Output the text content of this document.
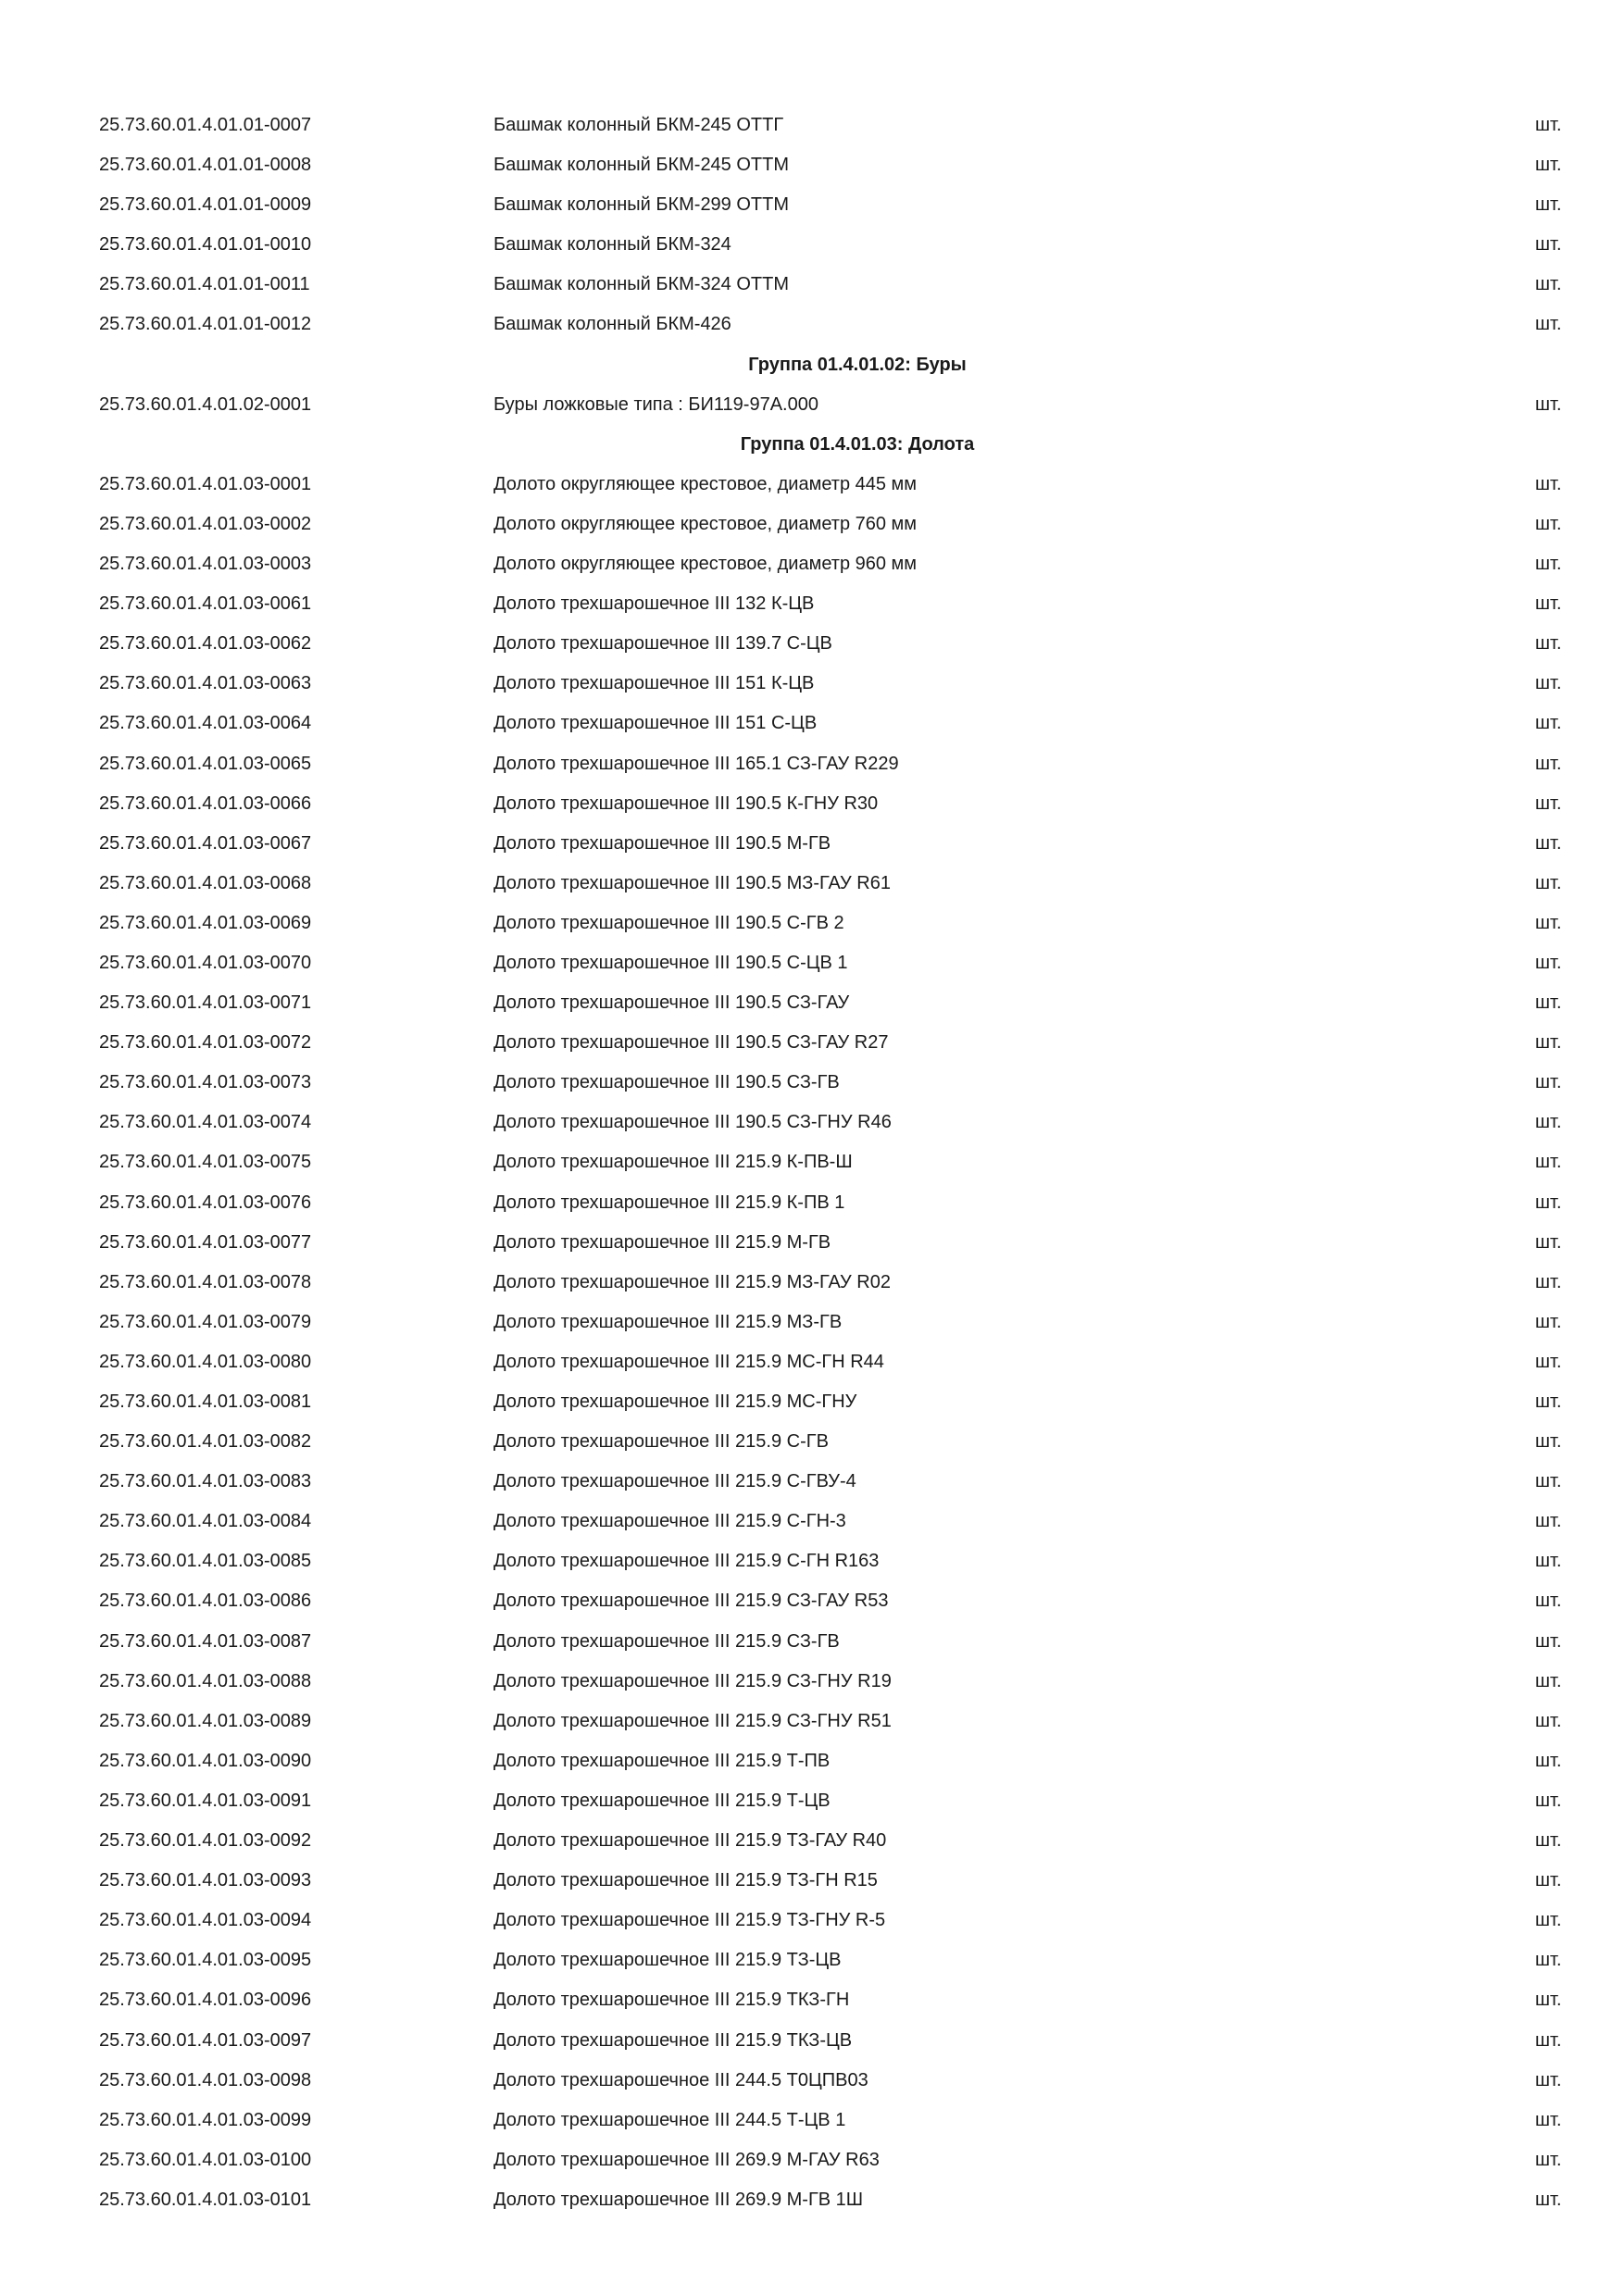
25.73.60.01.4.01.01-0007	Башмак колонный БКМ-245 ОТТГ	шт.
25.73.60.01.4.01.01-0008	Башмак колонный БКМ-245 ОТТМ	шт.
25.73.60.01.4.01.01-0009	Башмак колонный БКМ-299 ОТТМ	шт.
25.73.60.01.4.01.01-0010	Башмак колонный БКМ-324	шт.
25.73.60.01.4.01.01-0011	Башмак колонный БКМ-324 ОТТМ	шт.
25.73.60.01.4.01.01-0012	Башмак колонный БКМ-426	шт.
Группа 01.4.01.02: Буры
25.73.60.01.4.01.02-0001	Буры ложковые типа : БИ119-97А.000	шт.
Группа 01.4.01.03: Долота
25.73.60.01.4.01.03-0001	Долото округляющее крестовое, диаметр 445 мм	шт.
25.73.60.01.4.01.03-0002	Долото округляющее крестовое, диаметр 760 мм	шт.
25.73.60.01.4.01.03-0003	Долото округляющее крестовое, диаметр 960 мм	шт.
25.73.60.01.4.01.03-0061	Долото трехшарошечное III 132 К-ЦВ	шт.
25.73.60.01.4.01.03-0062	Долото трехшарошечное III 139.7 С-ЦВ	шт.
25.73.60.01.4.01.03-0063	Долото трехшарошечное III 151 К-ЦВ	шт.
25.73.60.01.4.01.03-0064	Долото трехшарошечное III 151 С-ЦВ	шт.
25.73.60.01.4.01.03-0065	Долото трехшарошечное III 165.1 СЗ-ГАУ R229	шт.
25.73.60.01.4.01.03-0066	Долото трехшарошечное III 190.5 К-ГНУ R30	шт.
25.73.60.01.4.01.03-0067	Долото трехшарошечное III 190.5 М-ГВ	шт.
25.73.60.01.4.01.03-0068	Долото трехшарошечное III 190.5 МЗ-ГАУ R61	шт.
25.73.60.01.4.01.03-0069	Долото трехшарошечное III 190.5 С-ГВ 2	шт.
25.73.60.01.4.01.03-0070	Долото трехшарошечное III 190.5 С-ЦВ 1	шт.
25.73.60.01.4.01.03-0071	Долото трехшарошечное III 190.5 СЗ-ГАУ	шт.
25.73.60.01.4.01.03-0072	Долото трехшарошечное III 190.5 СЗ-ГАУ R27	шт.
25.73.60.01.4.01.03-0073	Долото трехшарошечное III 190.5 СЗ-ГВ	шт.
25.73.60.01.4.01.03-0074	Долото трехшарошечное III 190.5 СЗ-ГНУ R46	шт.
25.73.60.01.4.01.03-0075	Долото трехшарошечное III 215.9 К-ПВ-Ш	шт.
25.73.60.01.4.01.03-0076	Долото трехшарошечное III 215.9 К-ПВ 1	шт.
25.73.60.01.4.01.03-0077	Долото трехшарошечное III 215.9 М-ГВ	шт.
25.73.60.01.4.01.03-0078	Долото трехшарошечное III 215.9 МЗ-ГАУ R02	шт.
25.73.60.01.4.01.03-0079	Долото трехшарошечное III 215.9 МЗ-ГВ	шт.
25.73.60.01.4.01.03-0080	Долото трехшарошечное III 215.9 МС-ГН R44	шт.
25.73.60.01.4.01.03-0081	Долото трехшарошечное III 215.9 МС-ГНУ	шт.
25.73.60.01.4.01.03-0082	Долото трехшарошечное III 215.9 С-ГВ	шт.
25.73.60.01.4.01.03-0083	Долото трехшарошечное III 215.9 С-ГВУ-4	шт.
25.73.60.01.4.01.03-0084	Долото трехшарошечное III 215.9 С-ГН-3	шт.
25.73.60.01.4.01.03-0085	Долото трехшарошечное III 215.9 С-ГН R163	шт.
25.73.60.01.4.01.03-0086	Долото трехшарошечное III 215.9 СЗ-ГАУ R53	шт.
25.73.60.01.4.01.03-0087	Долото трехшарошечное III 215.9 СЗ-ГВ	шт.
25.73.60.01.4.01.03-0088	Долото трехшарошечное III 215.9 СЗ-ГНУ R19	шт.
25.73.60.01.4.01.03-0089	Долото трехшарошечное III 215.9 СЗ-ГНУ R51	шт.
25.73.60.01.4.01.03-0090	Долото трехшарошечное III 215.9 Т-ПВ	шт.
25.73.60.01.4.01.03-0091	Долото трехшарошечное III 215.9 Т-ЦВ	шт.
25.73.60.01.4.01.03-0092	Долото трехшарошечное III 215.9 ТЗ-ГАУ R40	шт.
25.73.60.01.4.01.03-0093	Долото трехшарошечное III 215.9 ТЗ-ГН R15	шт.
25.73.60.01.4.01.03-0094	Долото трехшарошечное III 215.9 ТЗ-ГНУ R-5	шт.
25.73.60.01.4.01.03-0095	Долото трехшарошечное III 215.9 ТЗ-ЦВ	шт.
25.73.60.01.4.01.03-0096	Долото трехшарошечное III 215.9 ТКЗ-ГН	шт.
25.73.60.01.4.01.03-0097	Долото трехшарошечное III 215.9 ТКЗ-ЦВ	шт.
25.73.60.01.4.01.03-0098	Долото трехшарошечное III 244.5 Т0ЦПВ03	шт.
25.73.60.01.4.01.03-0099	Долото трехшарошечное III 244.5 Т-ЦВ 1	шт.
25.73.60.01.4.01.03-0100	Долото трехшарошечное III 269.9 М-ГАУ R63	шт.
25.73.60.01.4.01.03-0101	Долото трехшарошечное III 269.9 М-ГВ 1Ш	шт.
